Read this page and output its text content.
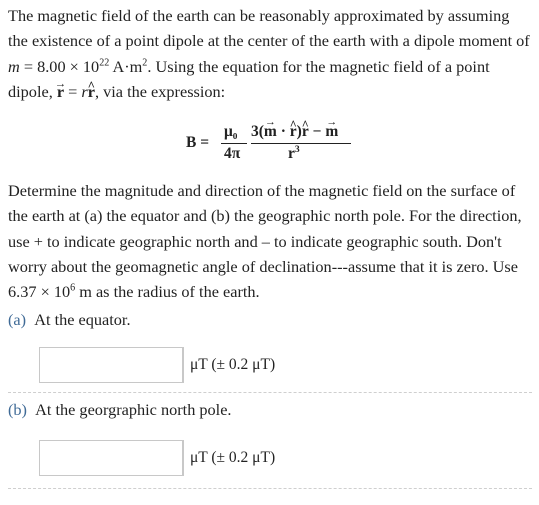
The magnetic field of the earth can be reasonably approximated by assuming the existence of a point dipole at the center of the earth with a dipole moment of $m = 8.00 \times 10^{22}$ $A\cdot m^2$. Using the equation for the magnetic field of a point dipole, r → = rr ^, via the expression:

B =
μ₀
4π
3(m → · r ^)r ^ − m →
$r^3$

Determine the magnitude and direction of the magnetic field on the surface of the earth at (a) the equator and (b) the geographic north pole. For the direction, use + to indicate geographic north and – to indicate geographic south. Don't worry about the geomagnetic angle of declination---assume that it is zero. Use $6.37 \times 10^6$ m as the radius of the earth.

(a) At the equator.
μT (± 0.2 μT)
(b) At the georgraphic north pole.
μT (± 0.2 μT)
